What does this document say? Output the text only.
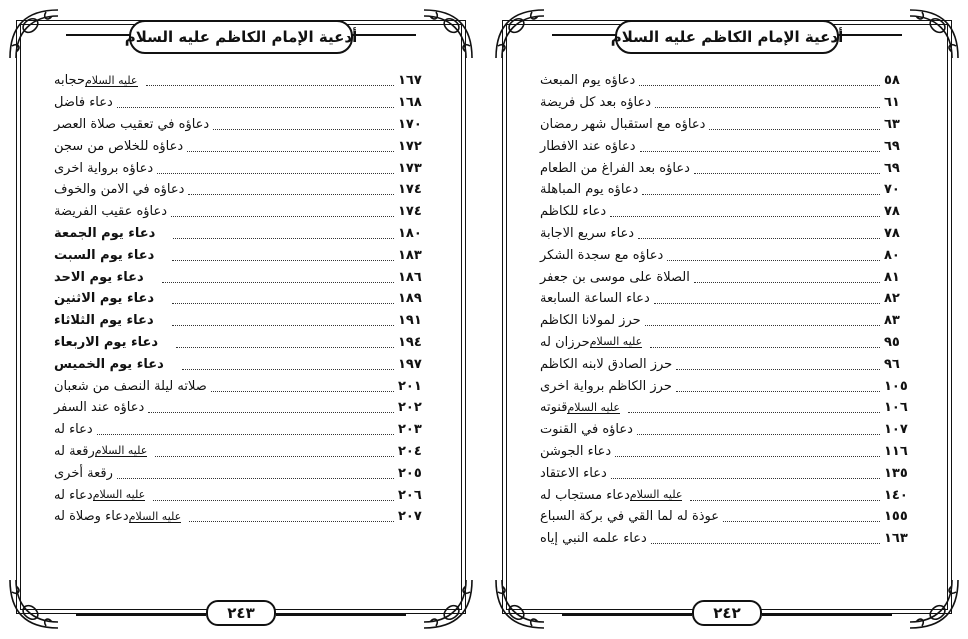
أدعية الإمام الكاظم عليه السلام
حجابه عليه السلام	١٦٧
دعاء فاضل	١٦٨
دعاؤه في تعقيب صلاة العصر	١٧٠
دعاؤه للخلاص من سجن	١٧٢
دعاؤه برواية اخرى	١٧٣
دعاؤه في الامن والخوف	١٧٤
دعاؤه عقيب الفريضة	١٧٤
دعاء يوم الجمعة	١٨٠
دعاء يوم السبت	١٨٣
دعاء يوم الاحد	١٨٦
دعاء يوم الاثنين	١٨٩
دعاء يوم الثلاثاء	١٩١
دعاء يوم الاربعاء	١٩٤
دعاء يوم الخميس	١٩٧
صلاته ليلة النصف من شعبان	٢٠١
دعاؤه عند السفر	٢٠٢
دعاء له	٢٠٣
رقعة له عليه السلام	٢٠٤
رقعة أخرى	٢٠٥
دعاء له عليه السلام	٢٠٦
دعاء وصلاة له عليه السلام	٢٠٧
٢٤٣
أدعية الإمام الكاظم عليه السلام
دعاؤه يوم المبعث	٥٨
دعاؤه بعد كل فريضة	٦١
دعاؤه مع استقبال شهر رمضان	٦٣
دعاؤه عند الافطار	٦٩
دعاؤه بعد الفراغ من الطعام	٦٩
دعاؤه يوم المباهلة	٧٠
دعاء للكاظم	٧٨
دعاء سريع الاجابة	٧٨
دعاؤه مع سجدة الشكر	٨٠
الصلاة على موسى بن جعفر	٨١
دعاء الساعة السابعة	٨٢
حرز لمولانا الكاظم	٨٣
حرزان له عليه السلام	٩٥
حرز الصادق لابنه الكاظم	٩٦
حرز الكاظم برواية اخرى	١٠٥
قنوته عليه السلام	١٠٦
دعاؤه في القنوت	١٠٧
دعاء الجوشن	١١٦
دعاء الاعتقاد	١٣٥
دعاء مستجاب له عليه السلام	١٤٠
عوذة له لما القي في بركة السباع	١٥٥
دعاء علمه النبي إياه	١٦٣
٢٤٢
